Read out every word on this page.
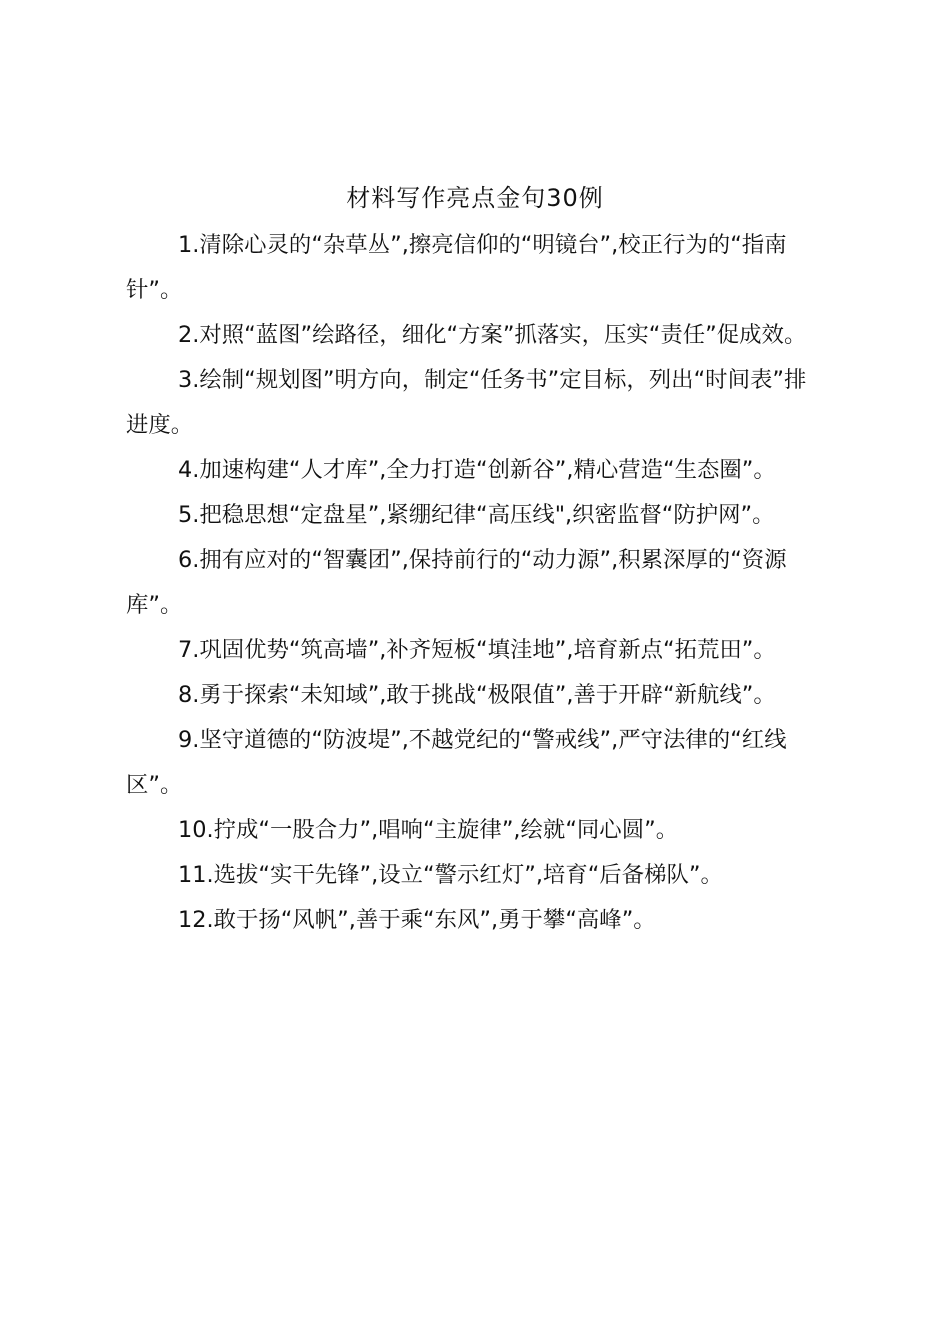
材料写作亮点金句30例
1.清除心灵的“杂草丛”,擦亮信仰的“明镜台”,校正行为的“指南针”。
2.对照“蓝图”绘路径，细化“方案”抓落实，压实“责任”促成效。
3.绘制“规划图”明方向，制定“任务书”定目标，列出“时间表”排进度。
4.加速构建“人才库”,全力打造“创新谷”,精心营造“生态圈”。
5.把稳思想“定盘星”,紧绷纪律“高压线",织密监督“防护网”。
6.拥有应对的“智囊团”,保持前行的“动力源”,积累深厚的“资源库”。
7.巩固优势“筑高墙”,补齐短板“填洼地”,培育新点“拓荒田”。
8.勇于探索“未知域”,敢于挑战“极限值”,善于开辟“新航线”。
9.坚守道德的“防波堤”,不越党纪的“警戒线”,严守法律的“红线区”。
10.拧成“一股合力”,唱响“主旋律”,绘就“同心圆”。
11.选拔“实干先锋”,设立“警示红灯”,培育“后备梯队”。
12.敢于扬“风帆”,善于乘“东风”,勇于攀“高峰”。
